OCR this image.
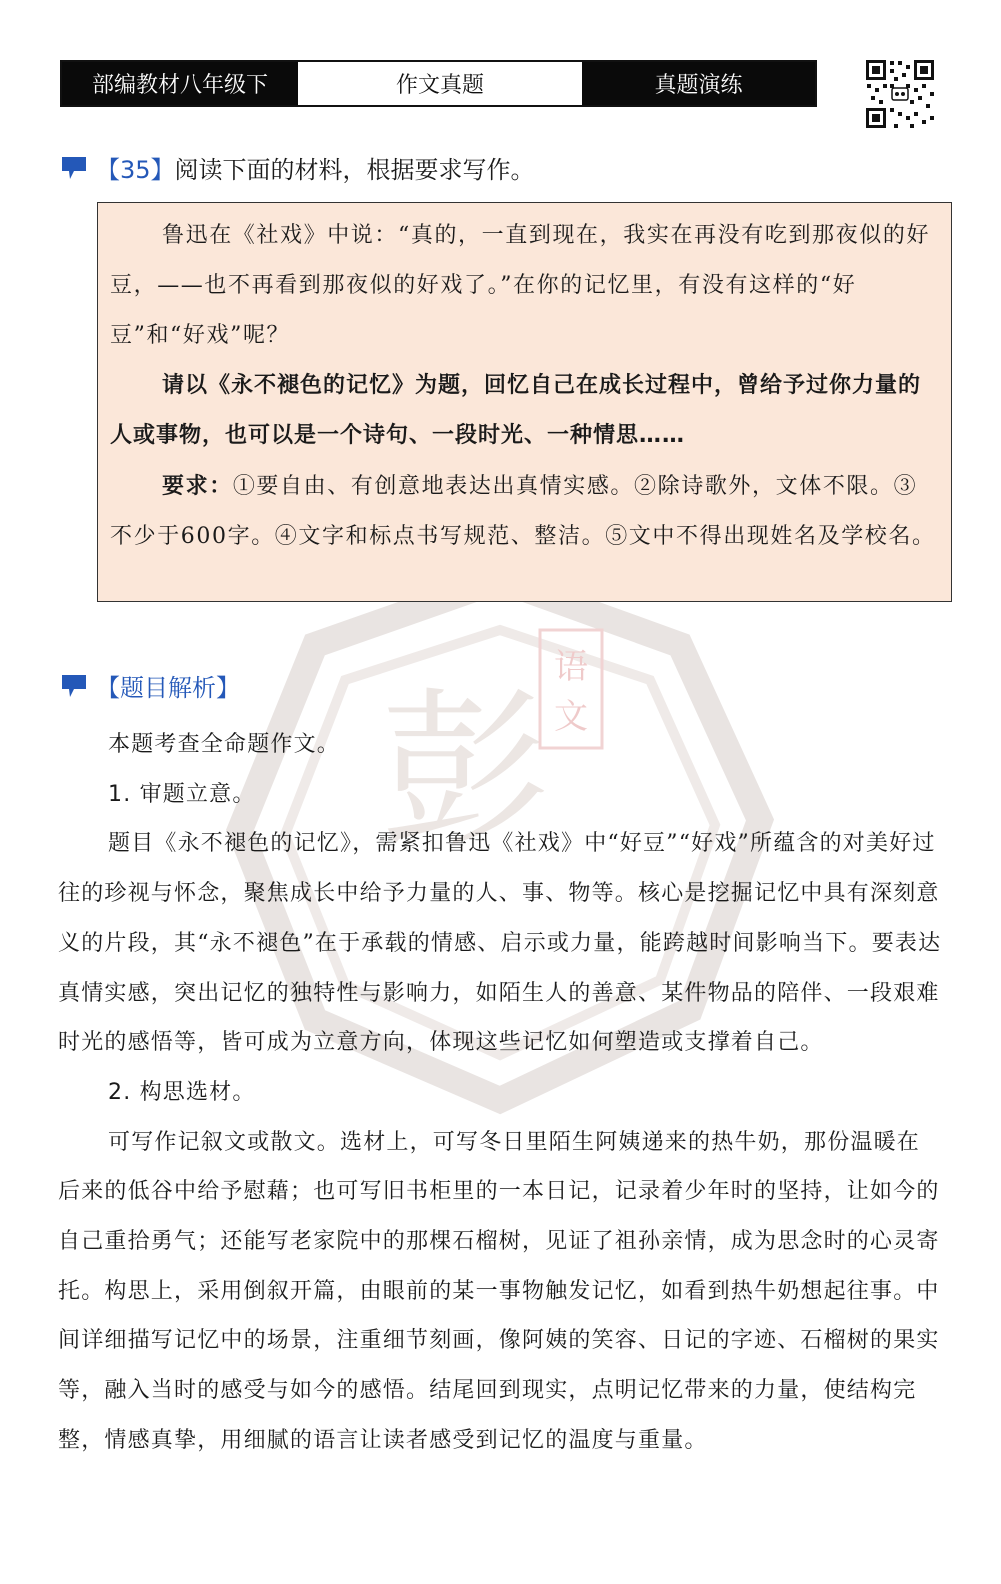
彭
语
文
部编教材八年级下	作文真题	真题演练
【35】 阅读下面的材料，根据要求写作。

鲁迅在《社戏》中说：“真的，一直到现在，我实在再没有吃到那夜似的好豆，——也不再看到那夜似的好戏了。”在你的记忆里，有没有这样的“好豆”和“好戏”呢？

请以《永不褪色的记忆》为题，回忆自己在成长过程中，曾给予过你力量的人或事物，也可以是一个诗句、一段时光、一种情思……

要求：①要自由、有创意地表达出真情实感。②除诗歌外，文体不限。③不少于600字。④文字和标点书写规范、整洁。⑤文中不得出现姓名及学校名。

【题目解析】

本题考查全命题作文。

1. 审题立意。

题目《永不褪色的记忆》，需紧扣鲁迅《社戏》中“好豆”“好戏”所蕴含的对美好过往的珍视与怀念，聚焦成长中给予力量的人、事、物等。核心是挖掘记忆中具有深刻意义的片段，其“永不褪色”在于承载的情感、启示或力量，能跨越时间影响当下。要表达真情实感，突出记忆的独特性与影响力，如陌生人的善意、某件物品的陪伴、一段艰难时光的感悟等，皆可成为立意方向，体现这些记忆如何塑造或支撑着自己。

2. 构思选材。

可写作记叙文或散文。选材上，可写冬日里陌生阿姨递来的热牛奶，那份温暖在后来的低谷中给予慰藉；也可写旧书柜里的一本日记，记录着少年时的坚持，让如今的自己重拾勇气；还能写老家院中的那棵石榴树，见证了祖孙亲情，成为思念时的心灵寄托。构思上，采用倒叙开篇，由眼前的某一事物触发记忆，如看到热牛奶想起往事。中间详细描写记忆中的场景，注重细节刻画，像阿姨的笑容、日记的字迹、石榴树的果实等，融入当时的感受与如今的感悟。结尾回到现实，点明记忆带来的力量，使结构完整，情感真挚，用细腻的语言让读者感受到记忆的温度与重量。
